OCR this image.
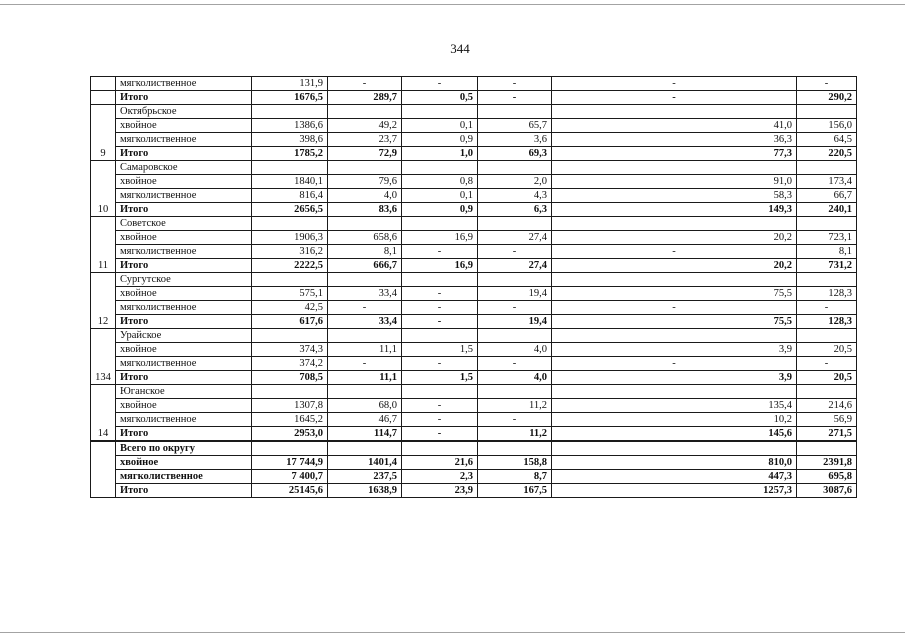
344
	мягколиственное	131,9	-	-	-	-	-
	Итого	1676,5	289,7	0,5	-	-	290,2
9	Октябрьское						
	хвойное	1386,6	49,2	0,1	65,7	41,0	156,0
	мягколиственное	398,6	23,7	0,9	3,6	36,3	64,5
	Итого	1785,2	72,9	1,0	69,3	77,3	220,5
10	Самаровское						
	хвойное	1840,1	79,6	0,8	2,0	91,0	173,4
	мягколиственное	816,4	4,0	0,1	4,3	58,3	66,7
	Итого	2656,5	83,6	0,9	6,3	149,3	240,1
11	Советское						
	хвойное	1906,3	658,6	16,9	27,4	20,2	723,1
	мягколиственное	316,2	8,1	-	-	-	8,1
	Итого	2222,5	666,7	16,9	27,4	20,2	731,2
12	Сургутское						
	хвойное	575,1	33,4	-	19,4	75,5	128,3
	мягколиственное	42,5	-	-	-	-	-
	Итого	617,6	33,4	-	19,4	75,5	128,3
134	Урайское						
	хвойное	374,3	11,1	1,5	4,0	3,9	20,5
	мягколиственное	374,2	-	-	-	-	-
	Итого	708,5	11,1	1,5	4,0	3,9	20,5
14	Юганское						
	хвойное	1307,8	68,0	-	11,2	135,4	214,6
	мягколиственное	1645,2	46,7	-	-	10,2	56,9
	Итого	2953,0	114,7	-	11,2	145,6	271,5
	Всего по округу						
	хвойное	17 744,9	1401,4	21,6	158,8	810,0	2391,8
	мягколиственное	7 400,7	237,5	2,3	8,7	447,3	695,8
	Итого	25145,6	1638,9	23,9	167,5	1257,3	3087,6
